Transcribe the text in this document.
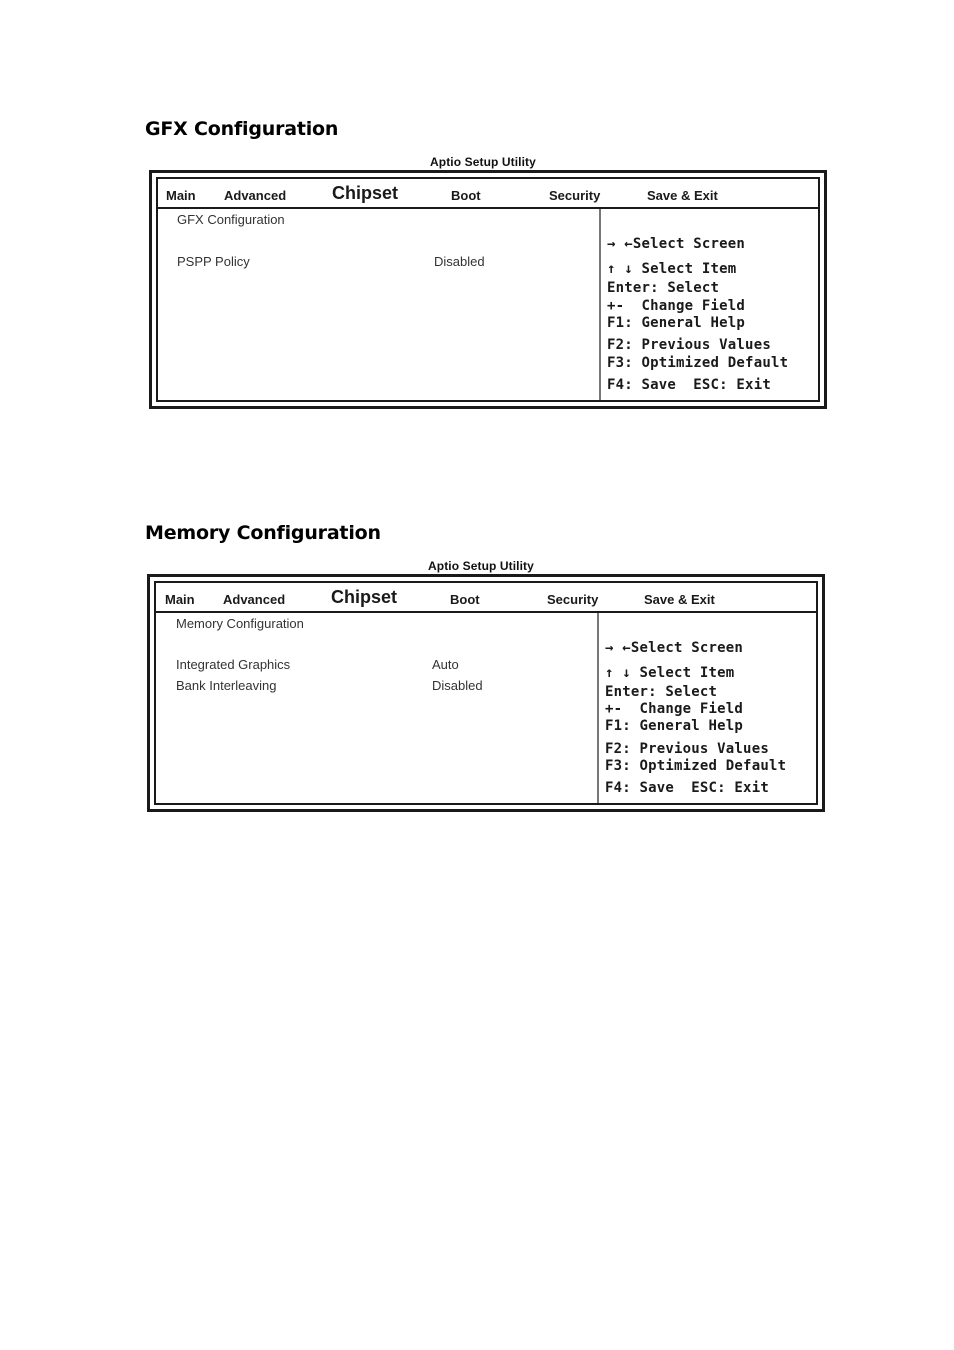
GFX Configuration
Aptio Setup Utility
Main Advanced	Chipset	Boot	Security	Save & Exit
GFX Configuration
PSPP Policy	Disabled
→ ←Select Screen
↑ ↓ Select Item
Enter: Select
+-  Change Field
F1: General Help
F2: Previous Values
F3: Optimized Default
F4: Save  ESC: Exit
Memory Configuration
Aptio Setup Utility
Main Advanced	Chipset	Boot	Security	Save & Exit
Memory Configuration
Integrated Graphics	Auto
Bank Interleaving	Disabled
→ ←Select Screen
↑ ↓ Select Item
Enter: Select
+-  Change Field
F1: General Help
F2: Previous Values
F3: Optimized Default
F4: Save  ESC: Exit
